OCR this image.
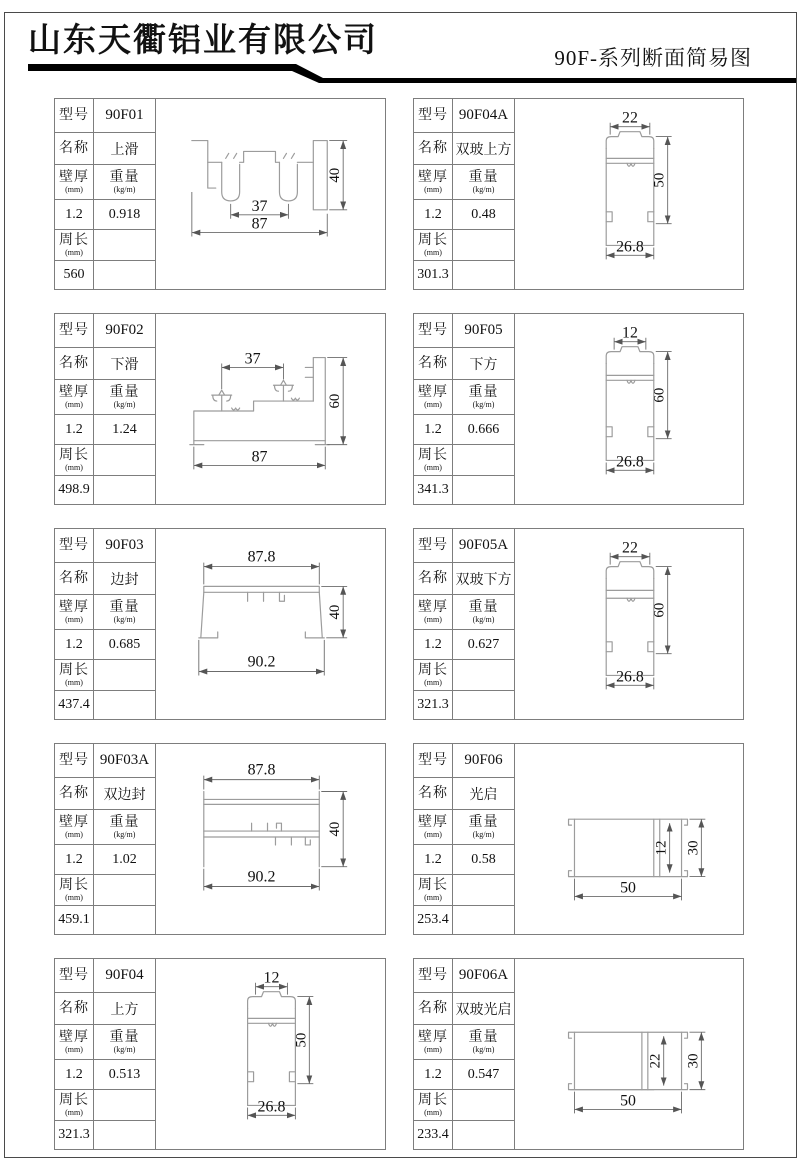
山东天衢铝业有限公司	90F-系列断面简易图
型号 90F01
名称 上滑
壁厚
(mm)
重量
(kg/m)
1.2 0.918
周长
(mm)
560
37
87
40
型号 90F04A
名称 双玻上方
壁厚
(mm)
重量
(kg/m)
1.2 0.48
周长
(mm)
301.3
22
50
26.8
型号 90F02
名称 下滑
壁厚
(mm)
重量
(kg/m)
1.2 1.24
周长
(mm)
498.9
37
60
87
型号 90F05
名称 下方
壁厚
(mm)
重量
(kg/m)
1.2 0.666
周长
(mm)
341.3
12
60
26.8
型号 90F03
名称 边封
壁厚
(mm)
重量
(kg/m)
1.2 0.685
周长
(mm)
437.4
87.8
90.2
40
型号 90F05A
名称 双玻下方
壁厚
(mm)
重量
(kg/m)
1.2 0.627
周长
(mm)
321.3
22
60
26.8
型号 90F03A
名称 双边封
壁厚
(mm)
重量
(kg/m)
1.2 1.02
周长
(mm)
459.1
87.8
90.2
40
型号 90F06
名称 光启
壁厚
(mm)
重量
(kg/m)
1.2 0.58
周长
(mm)
253.4
12 30
50
型号 90F04
名称 上方
壁厚
(mm)
重量
(kg/m)
1.2 0.513
周长
(mm)
321.3
12
50
26.8
型号 90F06A
名称 双玻光启
壁厚
(mm)
重量
(kg/m)
1.2 0.547
周长
(mm)
233.4
22 30
50
